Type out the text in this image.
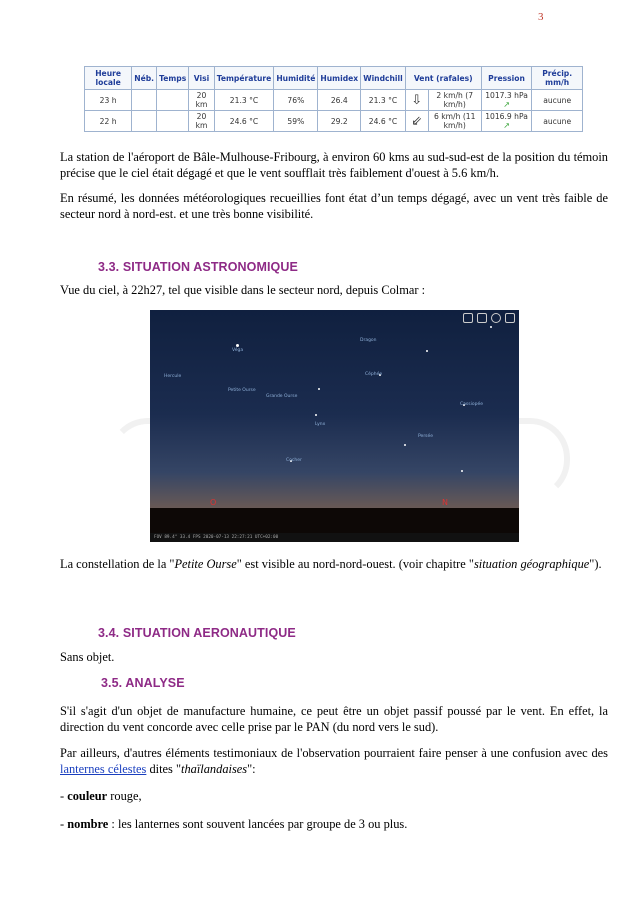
3
Heure locale	Néb.	Temps	Visi	Température	Humidité	Humidex	Windchill	Vent (rafales)		Pression	Précip. mm/h
23 h			20 km	21.3 °C	76%	26.4	21.3 °C	⇩	2 km/h (7 km/h)	1017.3 hPa ↗	aucune
22 h			20 km	24.6 °C	59%	29.2	24.6 °C	⇙	6 km/h (11 km/h)	1016.9 hPa ↗	aucune

La station de l'aéroport de Bâle-Mulhouse-Fribourg, à environ 60 kms au sud-sud-est de la position du témoin précise que le ciel était dégagé et que le vent soufflait très faiblement d'ouest à 5.6 km/h.

En résumé, les données météorologiques recueillies font état d’un temps dégagé, avec un vent très faible de secteur nord à nord-est. et une très bonne visibilité.

3.3. SITUATION ASTRONOMIQUE

Vue du ciel, à 22h27, tel que visible dans le secteur nord, depuis Colmar :

Véga
Hercule
Dragon
Petite Ourse
Céphée
Grande Ourse
Cassiopée
Persée
Cocher
Lynx
O	N
FOV 89.4° 33.4 FPS 2020-07-13 22:27:21 UTC+02:00

La constellation de la "Petite Ourse" est visible au nord-nord-ouest. (voir chapitre "situation géographique").

3.4. SITUATION AERONAUTIQUE

Sans objet.

3.5. ANALYSE

S'il s'agit d'un objet de manufacture humaine, ce peut être un objet passif poussé par le vent. En effet, la direction du vent concorde avec celle prise par le PAN (du nord vers le sud).

Par ailleurs, d'autres éléments testimoniaux de l'observation pourraient faire penser à une confusion avec des lanternes célestes dites "thaïlandaises":

- couleur rouge,

- nombre : les lanternes sont souvent lancées par groupe de 3 ou plus.
